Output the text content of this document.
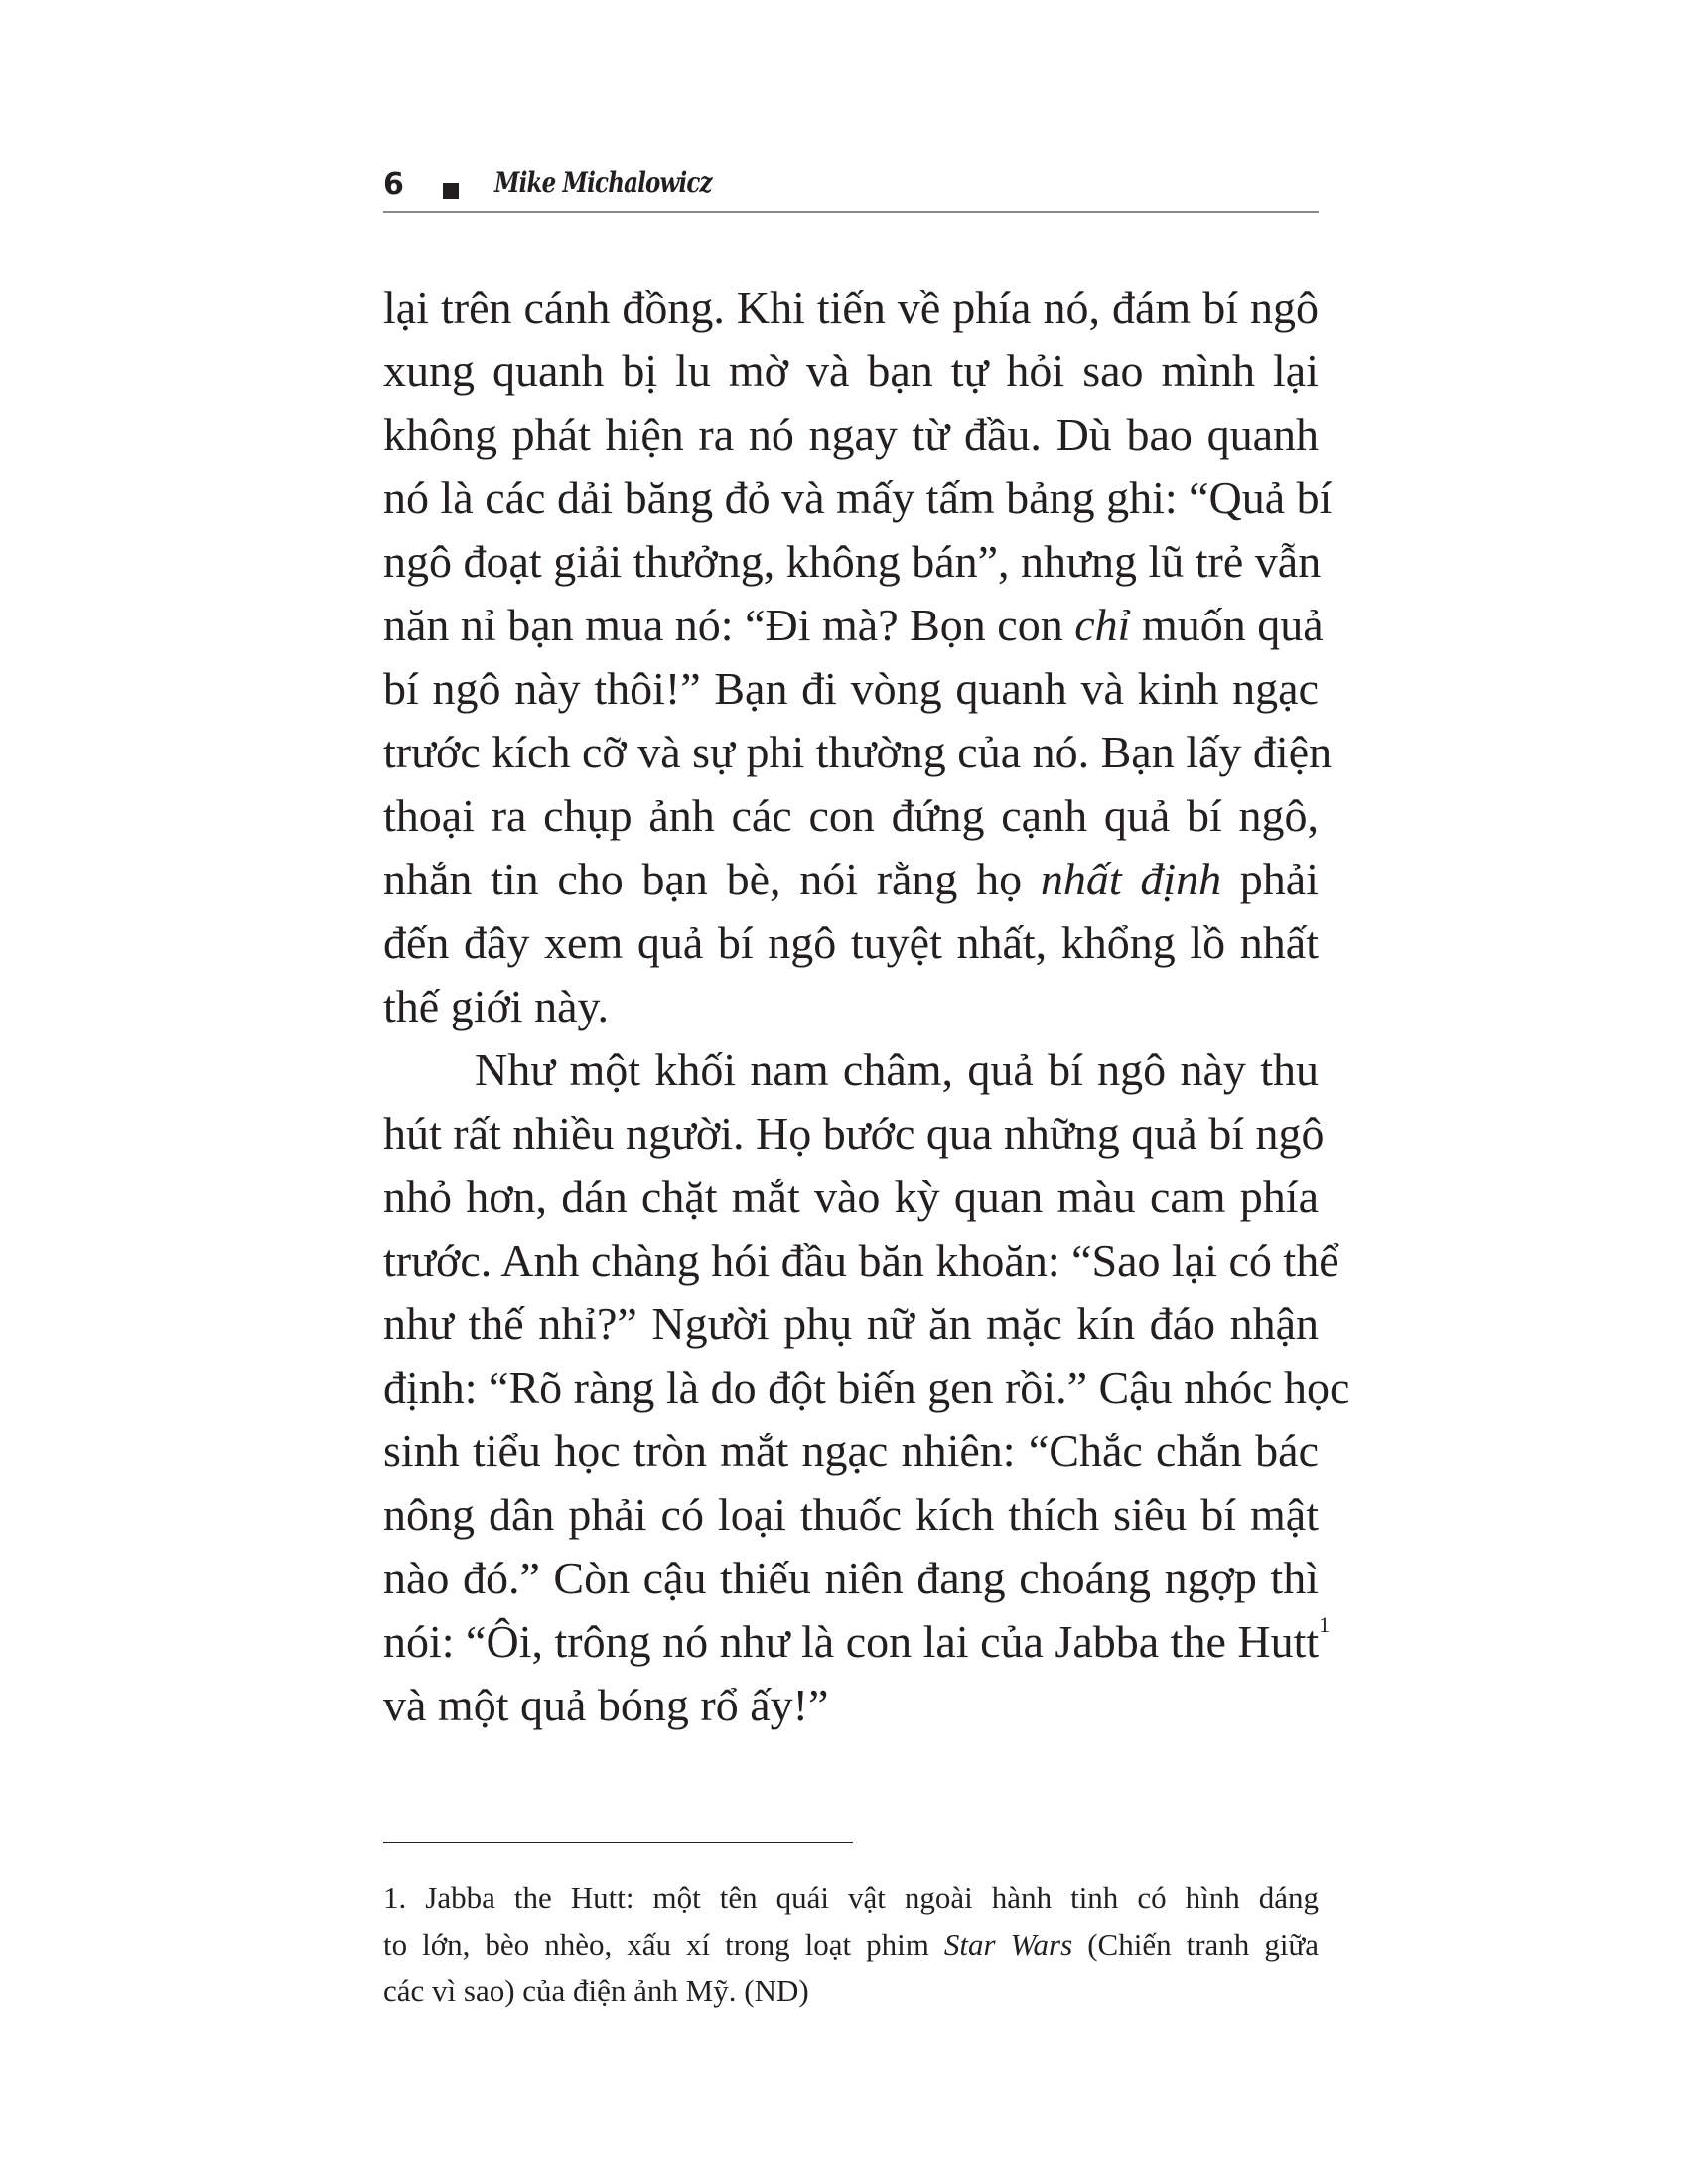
6	Mike Michalowicz
lại trên cánh đồng. Khi tiến về phía nó, đám bí ngô
xung quanh bị lu mờ và bạn tự hỏi sao mình lại
không phát hiện ra nó ngay từ đầu. Dù bao quanh
nó là các dải băng đỏ và mấy tấm bảng ghi: “Quả bí
ngô đoạt giải thưởng, không bán”, nhưng lũ trẻ vẫn
năn nỉ bạn mua nó: “Đi mà? Bọn con chỉ muốn quả
bí ngô này thôi!” Bạn đi vòng quanh và kinh ngạc
trước kích cỡ và sự phi thường của nó. Bạn lấy điện
thoại ra chụp ảnh các con đứng cạnh quả bí ngô,
nhắn tin cho bạn bè, nói rằng họ nhất định phải
đến đây xem quả bí ngô tuyệt nhất, khổng lồ nhất
thế giới này.
Như một khối nam châm, quả bí ngô này thu
hút rất nhiều người. Họ bước qua những quả bí ngô
nhỏ hơn, dán chặt mắt vào kỳ quan màu cam phía
trước. Anh chàng hói đầu băn khoăn: “Sao lại có thể
như thế nhỉ?” Người phụ nữ ăn mặc kín đáo nhận
định: “Rõ ràng là do đột biến gen rồi.” Cậu nhóc học
sinh tiểu học tròn mắt ngạc nhiên: “Chắc chắn bác
nông dân phải có loại thuốc kích thích siêu bí mật
nào đó.” Còn cậu thiếu niên đang choáng ngợp thì
nói: “Ôi, trông nó như là con lai của Jabba the Hutt$^1$
và một quả bóng rổ ấy!”
1. Jabba the Hutt: một tên quái vật ngoài hành tinh có hình dáng
to lớn, bèo nhèo, xấu xí trong loạt phim Star Wars (Chiến tranh giữa
các vì sao) của điện ảnh Mỹ. (ND)
